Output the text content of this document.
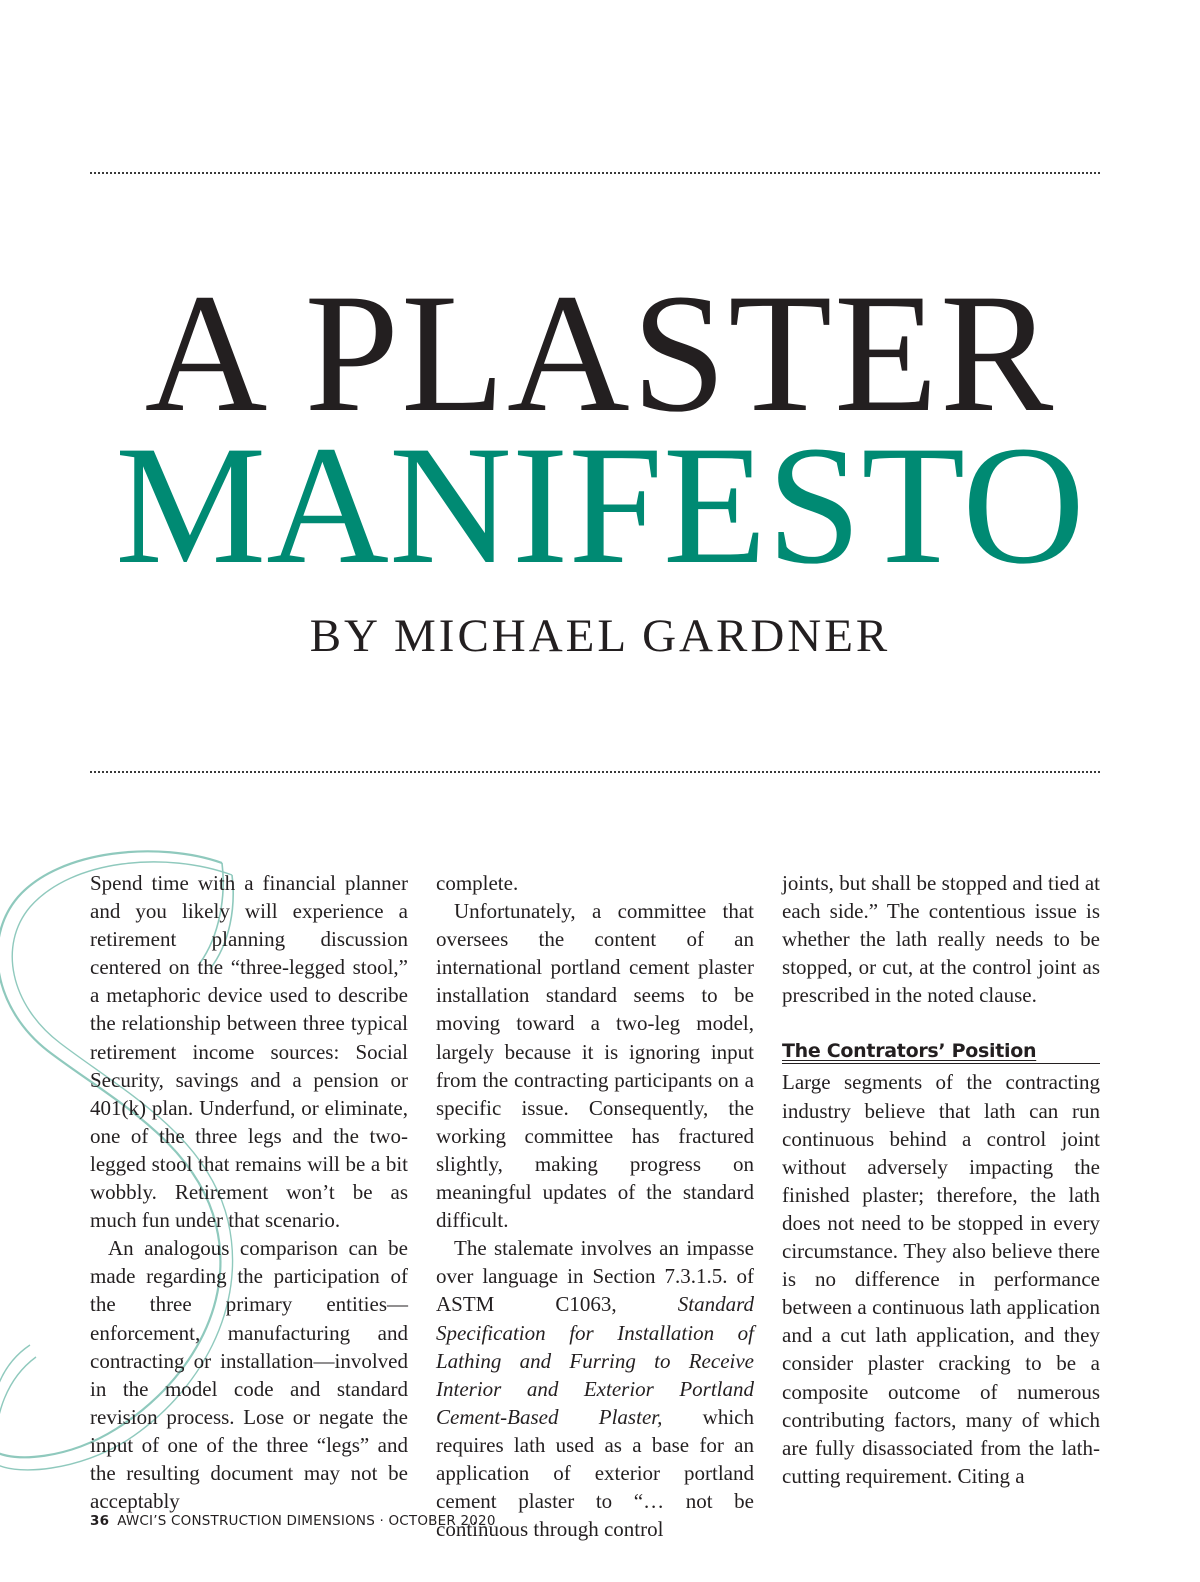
A PLASTER
MANIFESTO
BY MICHAEL GARDNER

Spend time with a financial planner and you likely will experience a retirement planning discussion centered on the “three-legged stool,” a metaphoric device used to describe the relationship between three typical retirement income sources: Social Security, savings and a pension or 401(k) plan. Underfund, or eliminate, one of the three legs and the two-legged stool that remains will be a bit wobbly. Retirement won’t be as much fun under that scenario.

An analogous comparison can be made regarding the participation of the three primary entities—enforcement, manufacturing and contracting or installation—involved in the model code and standard revision process. Lose or negate the input of one of the three “legs” and the resulting document may not be acceptably

complete.

Unfortunately, a committee that oversees the content of an international portland cement plaster installation standard seems to be moving toward a two-leg model, largely because it is ignoring input from the contracting participants on a specific issue. Consequently, the working committee has fractured slightly, making progress on meaningful updates of the standard difficult.

The stalemate involves an impasse over language in Section 7.3.1.5. of ASTM C1063, Standard Specification for Installation of Lathing and Furring to Receive Interior and Exterior Portland Cement-Based Plaster, which requires lath used as a base for an application of exterior portland cement plaster to “… not be continuous through control

joints, but shall be stopped and tied at each side.” The contentious issue is whether the lath really needs to be stopped, or cut, at the control joint as prescribed in the noted clause.

The Contrators’ Position

Large segments of the contracting industry believe that lath can run continuous behind a control joint without adversely impacting the finished plaster; therefore, the lath does not need to be stopped in every circumstance. They also believe there is no difference in performance between a continuous lath application and a cut lath application, and they consider plaster cracking to be a composite outcome of numerous contributing factors, many of which are fully disassociated from the lath-cutting requirement. Citing a

36 AWCI’S CONSTRUCTION DIMENSIONS · OCTOBER 2020
